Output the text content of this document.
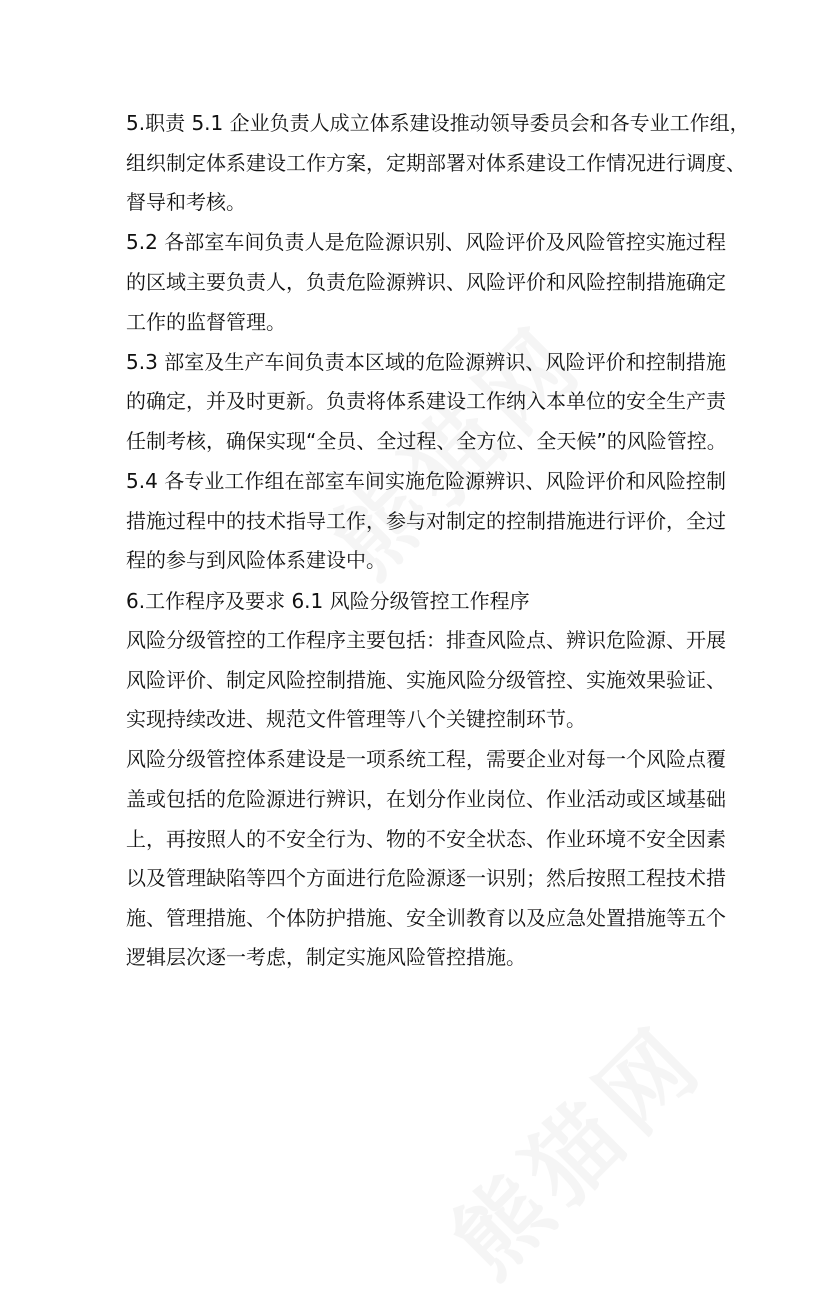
5.职责 5.1 企业负责人成立体系建设推动领导委员会和各专业工作组，
组织制定体系建设工作方案，定期部署对体系建设工作情况进行调度、
督导和考核。
5.2 各部室车间负责人是危险源识别、风险评价及风险管控实施过程
的区域主要负责人，负责危险源辨识、风险评价和风险控制措施确定
工作的监督管理。
5.3 部室及生产车间负责本区域的危险源辨识、风险评价和控制措施
的确定，并及时更新。负责将体系建设工作纳入本单位的安全生产责
任制考核，确保实现“全员、全过程、全方位、全天候”的风险管控。
5.4 各专业工作组在部室车间实施危险源辨识、风险评价和风险控制
措施过程中的技术指导工作，参与对制定的控制措施进行评价，全过
程的参与到风险体系建设中。
6.工作程序及要求 6.1 风险分级管控工作程序
风险分级管控的工作程序主要包括：排查风险点、辨识危险源、开展
风险评价、制定风险控制措施、实施风险分级管控、实施效果验证、
实现持续改进、规范文件管理等八个关键控制环节。
风险分级管控体系建设是一项系统工程，需要企业对每一个风险点覆
盖或包括的危险源进行辨识，在划分作业岗位、作业活动或区域基础
上，再按照人的不安全行为、物的不安全状态、作业环境不安全因素
以及管理缺陷等四个方面进行危险源逐一识别；然后按照工程技术措
施、管理措施、个体防护措施、安全训教育以及应急处置措施等五个
逻辑层次逐一考虑，制定实施风险管控措施。
